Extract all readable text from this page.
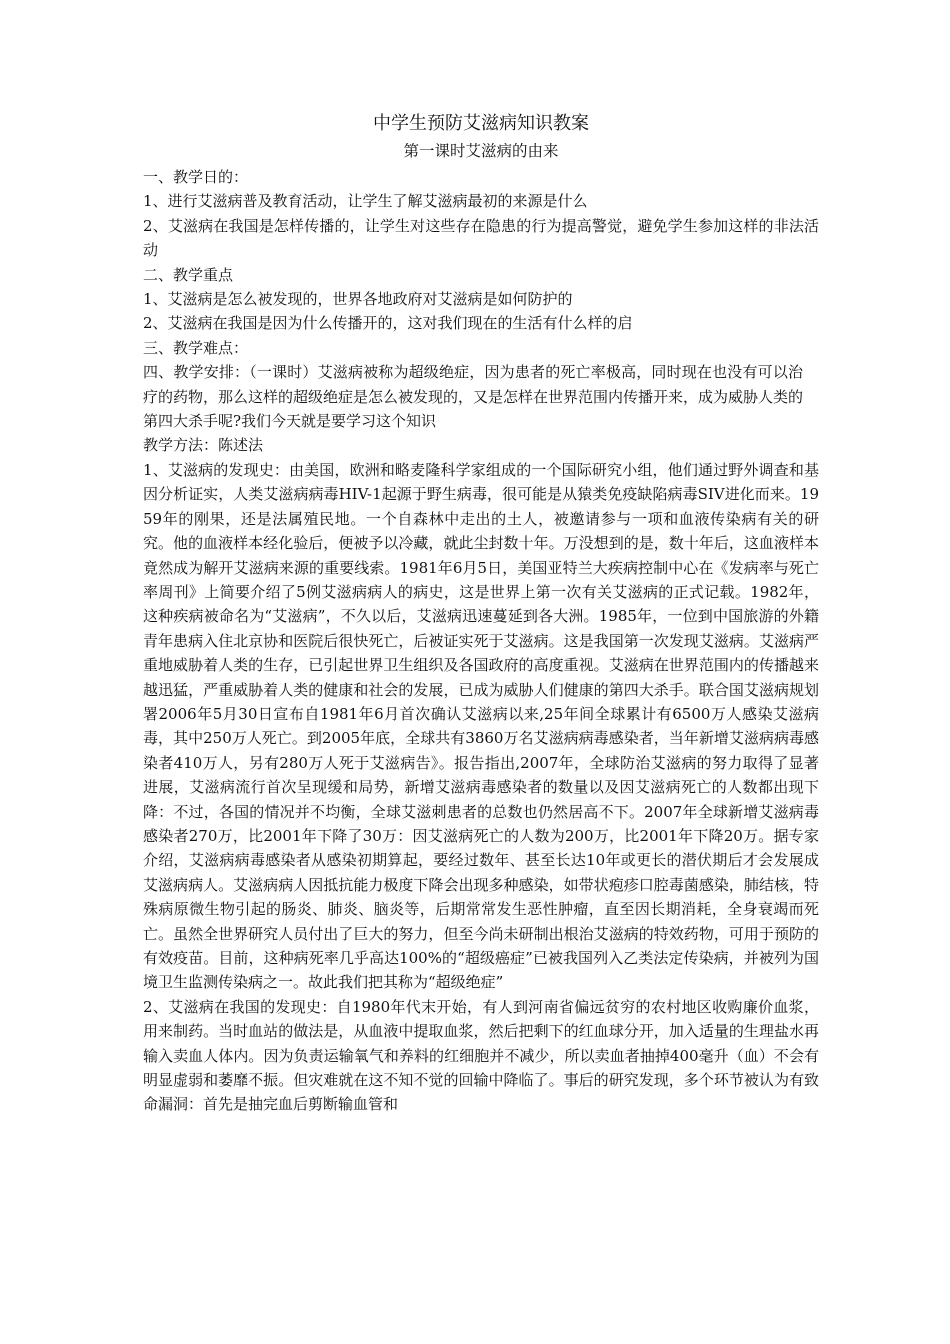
中学生预防艾滋病知识教案
第一课时艾滋病的由来

一、教学日的：

1、进行艾滋病普及教育活动，让学生了解艾滋病最初的来源是什么

2、艾滋病在我国是怎样传播的，让学生对这些存在隐患的行为提高警觉，避免学生参加这样的非法活动

二、教学重点

1、艾滋病是怎么被发现的，世界各地政府对艾滋病是如何防护的

2、艾滋病在我国是因为什么传播开的，这对我们现在的生活有什么样的启

三、教学难点：

四、教学安排：（一课时）艾滋病被称为超级绝症，因为患者的死亡率极高，同时现在也没有可以治疗的药物，那么这样的超级绝症是怎么被发现的，又是怎样在世界范围内传播开来，成为威胁人类的第四大杀手呢?我们今天就是要学习这个知识

教学方法：陈述法

1、艾滋病的发现史：由美国，欧洲和略麦隆科学家组成的一个国际研究小组，他们通过野外调查和基因分析证实，人类艾滋病病毒HIV-1起源于野生病毒，很可能是从猿类免疫缺陷病毒SIV进化而来。1959年的刚果，还是法属殖民地。一个自森林中走出的土人，被邀请参与一项和血液传染病有关的研究。他的血液样本经化验后，便被予以冷藏，就此尘封数十年。万没想到的是，数十年后，这血液样本竟然成为解开艾滋病来源的重要线索。1981年6月5日，美国亚特兰大疾病控制中心在《发病率与死亡率周刊》上简要介绍了5例艾滋病病人的病史，这是世界上第一次有关艾滋病的正式记载。1982年，这种疾病被命名为“艾滋病”，不久以后，艾滋病迅速蔓延到各大洲。1985年，一位到中国旅游的外籍青年患病入住北京协和医院后很快死亡，后被证实死于艾滋病。这是我国第一次发现艾滋病。艾滋病严重地威胁着人类的生存，已引起世界卫生组织及各国政府的高度重视。艾滋病在世界范围内的传播越来越迅猛，严重威胁着人类的健康和社会的发展，已成为威胁人们健康的第四大杀手。联合国艾滋病规划署2006年5月30日宣布自1981年6月首次确认艾滋病以来,25年间全球累计有6500万人感染艾滋病毒，其中250万人死亡。到2005年底，全球共有3860万名艾滋病病毒感染者，当年新增艾滋病病毒感染者410万人，另有280万人死于艾滋病告》。报告指出,2007年，全球防治艾滋病的努力取得了显著进展，艾滋病流行首次呈现缓和局势，新增艾滋病毒感染者的数量以及因艾滋病死亡的人数都出现下降：不过，各国的情况并不均衡，全球艾滋刺患者的总数也仍然居高不下。2007年全球新增艾滋病毒感染者270万，比2001年下降了30万：因艾滋病死亡的人数为200万，比2001年下降20万。据专家介绍，艾滋病病毒感染者从感染初期算起，要经过数年、甚至长达10年或更长的潜伏期后才会发展成艾滋病病人。艾滋病病人因抵抗能力极度下降会出现多种感染，如带状疱疹口腔毒菌感染，肺结核，特殊病原微生物引起的肠炎、肺炎、脑炎等，后期常常发生恶性肿瘤，直至因长期消耗，全身衰竭而死亡。虽然全世界研究人员付出了巨大的努力，但至今尚未研制出根治艾滋病的特效药物，可用于预防的有效疫苗。目前，这种病死率几乎高达100%的“超级癌症”已被我国列入乙类法定传染病，并被列为国境卫生监测传染病之一。故此我们把其称为“超级绝症”

2、艾滋病在我国的发现史：自1980年代末开始，有人到河南省偏远贫穷的农村地区收购廉价血浆，用来制药。当时血站的做法是，从血液中提取血浆，然后把剩下的红血球分开，加入适量的生理盐水再输入卖血人体内。因为负责运输氧气和养料的红细胞并不减少，所以卖血者抽掉400毫升（血）不会有明显虚弱和萎靡不振。但灾难就在这不知不觉的回输中降临了。事后的研究发现，多个环节被认为有致命漏洞：首先是抽完血后剪断输血管和
